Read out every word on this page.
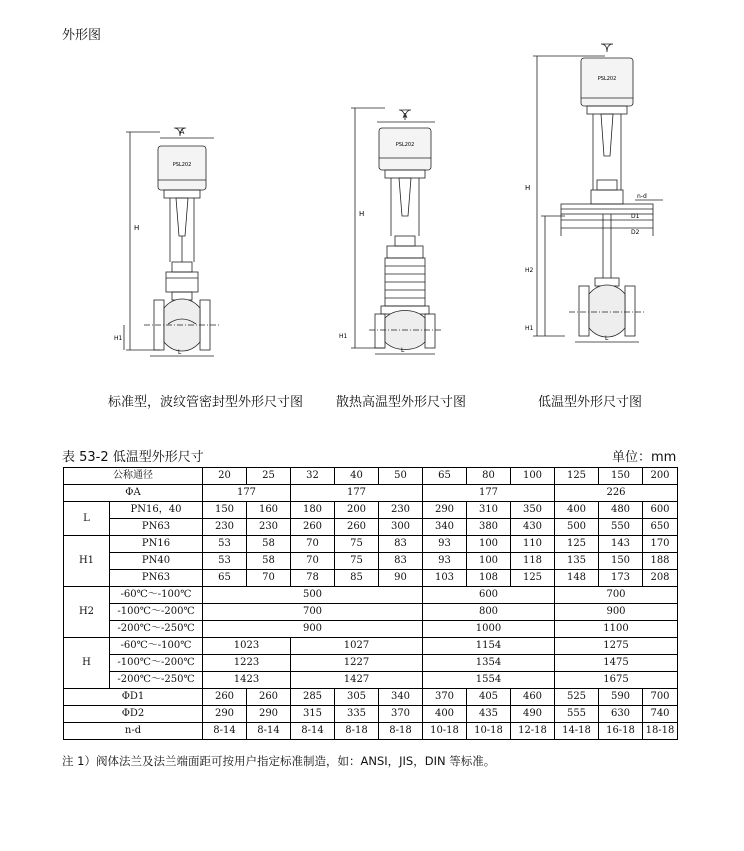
外形图
A
PSL202
H
H1
L
A
PSL202
H
H1
L
PSL202
H
H2
H1
n-d
D1
D2
L
标准型，波纹管密封型外形尺寸图	散热高温型外形尺寸图	低温型外形尺寸图
表 53-2 低温型外形尺寸	单位：mm
公称通径		20	25	32	40	50	65	80	100	125	150	200
ΦA		177		177			177			226		
L	PN16，40	150	160	180	200	230	290	310	350	400	480	600
	PN63	230	230	260	260	300	340	380	430	500	550	650
H1	PN16	53	58	70	75	83	93	100	110	125	143	170
	PN40	53	58	70	75	83	93	100	118	135	150	188
	PN63	65	70	78	85	90	103	108	125	148	173	208
H2	-60℃～-100℃	500					600			700		
	-100℃～-200℃	700					800			900		
	-200℃～-250℃	900					1000			1100		
H	-60℃～-100℃	1023		1027			1154			1275		
	-100℃～-200℃	1223		1227			1354			1475		
	-200℃～-250℃	1423		1427			1554			1675		
ΦD1		260	260	285	305	340	370	405	460	525	590	700
ΦD2		290	290	315	335	370	400	435	490	555	630	740
n-d		8-14	8-14	8-14	8-18	8-18	10-18	10-18	12-18	14-18	16-18	18-18
注 1）阀体法兰及法兰端面距可按用户指定标准制造，如：ANSI，JIS，DIN 等标准。
